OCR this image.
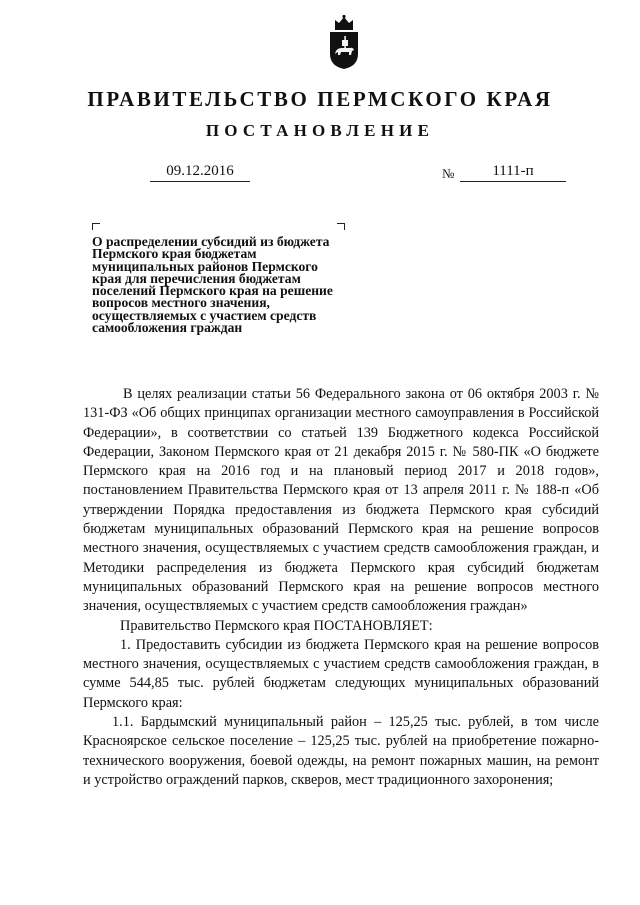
ПРАВИТЕЛЬСТВО ПЕРМСКОГО КРАЯ
ПОСТАНОВЛЕНИЕ
09.12.2016	№	1111-п
О распределении субсидий из бюджета
Пермского края бюджетам
муниципальных районов Пермского
края для перечисления бюджетам
поселений Пермского края на решение
вопросов местного значения,
осуществляемых с участием средств
самообложения граждан

В целях реализации статьи 56 Федерального закона от 06 октября 2003 г. № 131-ФЗ «Об общих принципах организации местного самоуправления в Российской Федерации», в соответствии со статьей 139 Бюджетного кодекса Российской Федерации, Законом Пермского края от 21 декабря 2015 г. № 580-ПК «О бюджете Пермского края на 2016 год и на плановый период 2017 и 2018 годов», постановлением Правительства Пермского края от 13 апреля 2011 г. № 188-п «Об утверждении Порядка предоставления из бюджета Пермского края субсидий бюджетам муниципальных образований Пермского края на решение вопросов местного значения, осуществляемых с участием средств самообложения граждан, и Методики распределения из бюджета Пермского края субсидий бюджетам муниципальных образований Пермского края на решение вопросов местного значения, осуществляемых с участием средств самообложения граждан»

Правительство Пермского края ПОСТАНОВЛЯЕТ:

1. Предоставить субсидии из бюджета Пермского края на решение вопросов местного значения, осуществляемых с участием средств самообложения граждан, в сумме 544,85 тыс. рублей бюджетам следующих муниципальных образований Пермского края:

1.1. Бардымский муниципальный район – 125,25 тыс. рублей, в том числе Красноярское сельское поселение – 125,25 тыс. рублей на приобретение пожарно-технического вооружения, боевой одежды, на ремонт пожарных машин, на ремонт и устройство ограждений парков, скверов, мест традиционного захоронения;
